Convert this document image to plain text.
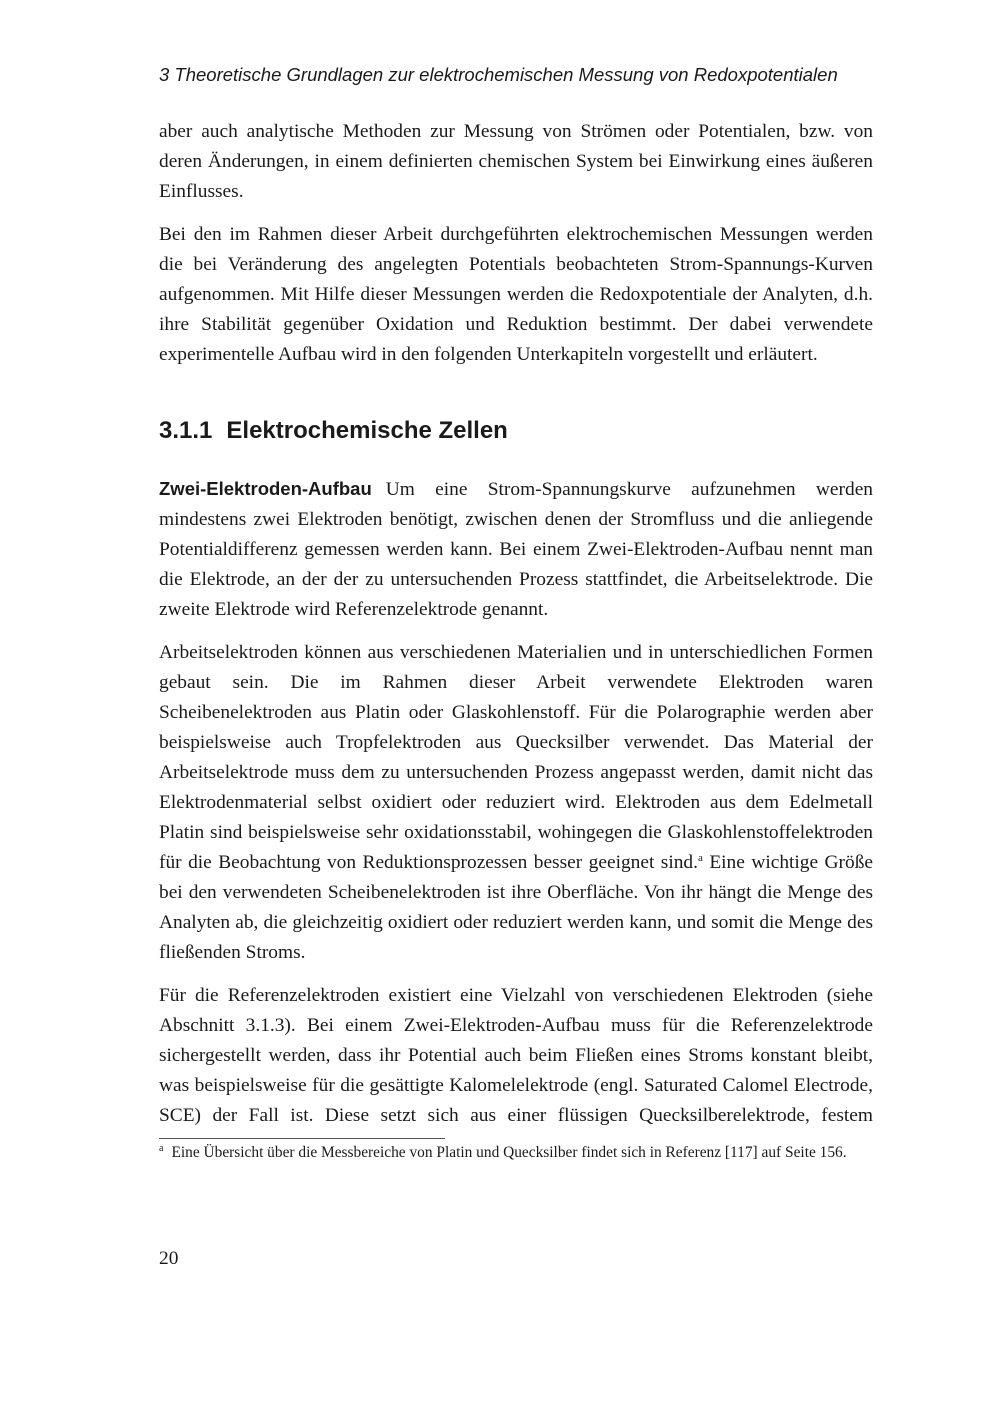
3 Theoretische Grundlagen zur elektrochemischen Messung von Redoxpotentialen

aber auch analytische Methoden zur Messung von Strömen oder Potentialen, bzw. von deren Änderungen, in einem definierten chemischen System bei Einwirkung eines äußeren Einflusses.

Bei den im Rahmen dieser Arbeit durchgeführten elektrochemischen Messungen werden die bei Veränderung des angelegten Potentials beobachteten Strom-Spannungs-Kurven aufgenommen. Mit Hilfe dieser Messungen werden die Redoxpotentiale der Analyten, d.h. ihre Stabilität gegenüber Oxidation und Reduktion bestimmt. Der dabei verwendete experimentelle Aufbau wird in den folgenden Unterkapiteln vorgestellt und erläutert.

3.1.1 Elektrochemische Zellen

Zwei-Elektroden-Aufbau Um eine Strom-Spannungskurve aufzunehmen werden mindestens zwei Elektroden benötigt, zwischen denen der Stromfluss und die anliegende Potentialdifferenz gemessen werden kann. Bei einem Zwei-Elektroden-Aufbau nennt man die Elektrode, an der der zu untersuchenden Prozess stattfindet, die Arbeitselektrode. Die zweite Elektrode wird Referenzelektrode genannt.

Arbeitselektroden können aus verschiedenen Materialien und in unterschiedlichen Formen gebaut sein. Die im Rahmen dieser Arbeit verwendete Elektroden waren Scheibenelektroden aus Platin oder Glaskohlenstoff. Für die Polarographie werden aber beispielsweise auch Tropfelektroden aus Quecksilber verwendet. Das Material der Arbeitselektrode muss dem zu untersuchenden Prozess angepasst werden, damit nicht das Elektrodenmaterial selbst oxidiert oder reduziert wird. Elektroden aus dem Edelmetall Platin sind beispielsweise sehr oxidationsstabil, wohingegen die Glaskohlenstoffelektroden für die Beobachtung von Reduktionsprozessen besser geeignet sind.$^a$ Eine wichtige Größe bei den verwendeten Scheibenelektroden ist ihre Oberfläche. Von ihr hängt die Menge des Analyten ab, die gleichzeitig oxidiert oder reduziert werden kann, und somit die Menge des fließenden Stroms.

Für die Referenzelektroden existiert eine Vielzahl von verschiedenen Elektroden (siehe Abschnitt 3.1.3). Bei einem Zwei-Elektroden-Aufbau muss für die Referenzelektrode sichergestellt werden, dass ihr Potential auch beim Fließen eines Stroms konstant bleibt, was beispielsweise für die gesättigte Kalomelelektrode (engl. Saturated Calomel Electrode, SCE) der Fall ist. Diese setzt sich aus einer flüssigen Quecksilberelektrode, festem

$^a$ Eine Übersicht über die Messbereiche von Platin und Quecksilber findet sich in Referenz [117] auf Seite 156.
20
